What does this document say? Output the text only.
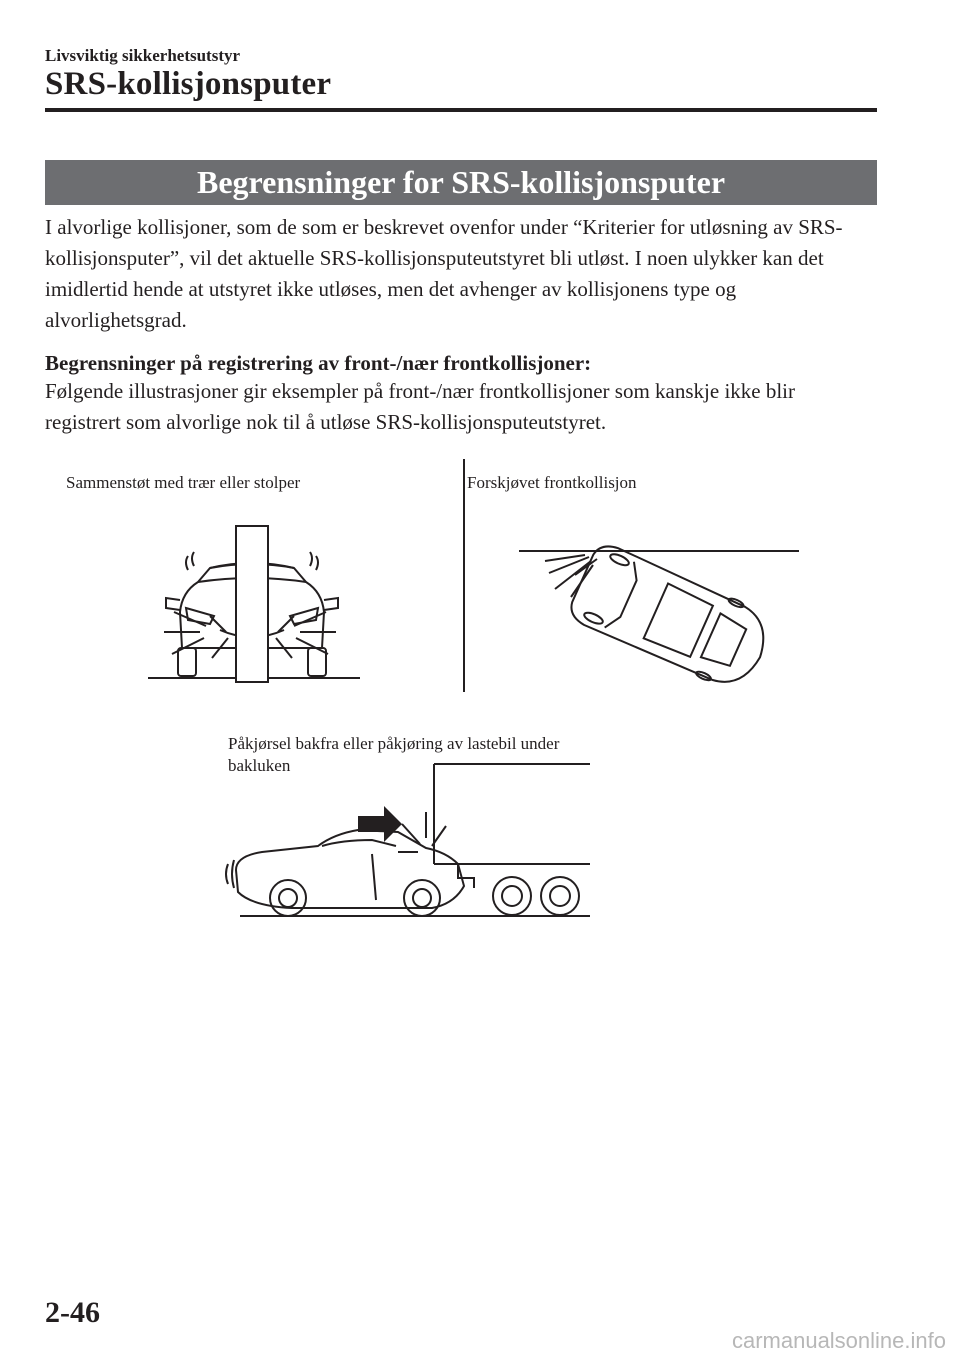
Livsviktig sikkerhetsutstyr
SRS-kollisjonsputer
Begrensninger for SRS-kollisjonsputer

I alvorlige kollisjoner, som de som er beskrevet ovenfor under “Kriterier for utløsning av SRS-kollisjonsputer”, vil det aktuelle SRS-kollisjonsputeutstyret bli utløst. I noen ulykker kan det imidlertid hende at utstyret ikke utløses, men det avhenger av kollisjonens type og alvorlighetsgrad.

Begrensninger på registrering av front-/nær frontkollisjoner:

Følgende illustrasjoner gir eksempler på front-/nær frontkollisjoner som kanskje ikke blir registrert som alvorlige nok til å utløse SRS-kollisjonsputeutstyret.

Sammenstøt med trær eller stolper	Forskjøvet frontkollisjon
Påkjørsel bakfra eller påkjøring av lastebil under bakluken
2-46
carmanualsonline.info
